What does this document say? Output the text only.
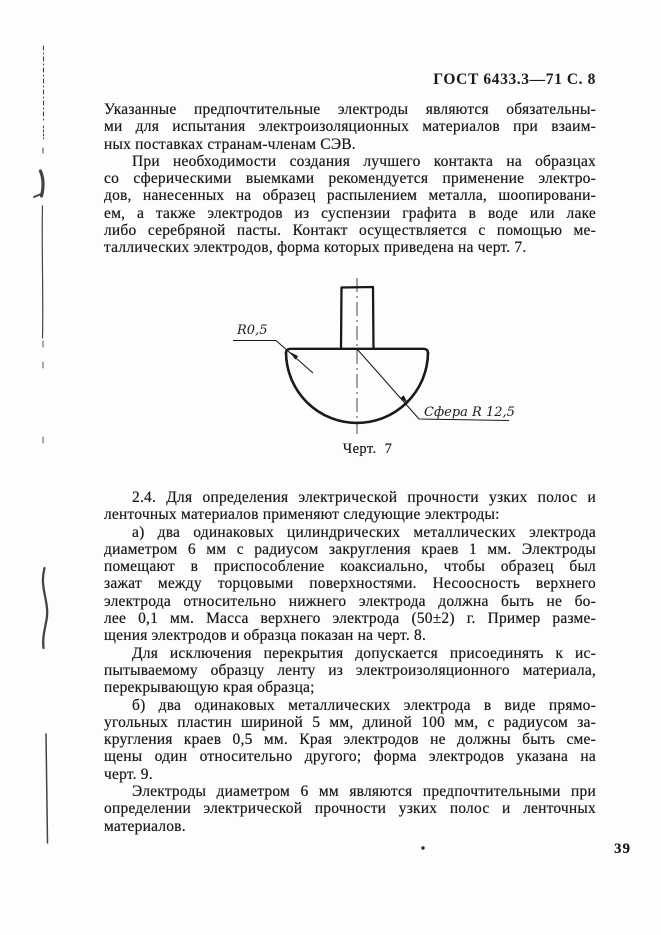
ГОСТ 6433.3—71 С. 8
Указанные предпочтительные электроды являются обязательны-
ми для испытания электроизоляционных материалов при взаим-
ных поставках странам-членам СЭВ.
При необходимости создания лучшего контакта на образцах
со сферическими выемками рекомендуется применение электро-
дов, нанесенных на образец распылением металла, шоопировани-
ем, а также электродов из суспензии графита в воде или лаке
либо серебряной пасты. Контакт осуществляется с помощью ме-
таллических электродов, форма которых приведена на черт. 7.
R0,5
Сфера R 12,5
Черт. 7
2.4. Для определения электрической прочности узких полос и
ленточных материалов применяют следующие электроды:
а) два одинаковых цилиндрических металлических электрода
диаметром 6 мм с радиусом закругления краев 1 мм. Электроды
помещают в приспособление коаксиально, чтобы образец был
зажат между торцовыми поверхностями. Несоосность верхнего
электрода относительно нижнего электрода должна быть не бо-
лее 0,1 мм. Масса верхнего электрода (50±2) г. Пример разме-
щения электродов и образца показан на черт. 8.
Для исключения перекрытия допускается присоединять к ис-
пытываемому образцу ленту из электроизоляционного материала,
перекрывающую края образца;
б) два одинаковых металлических электрода в виде прямо-
угольных пластин шириной 5 мм, длиной 100 мм, с радиусом за-
кругления краев 0,5 мм. Края электродов не должны быть сме-
щены один относительно другого; форма электродов указана на
черт. 9.
Электроды диаметром 6 мм являются предпочтительными при
определении электрической прочности узких полос и ленточных
материалов.
39
